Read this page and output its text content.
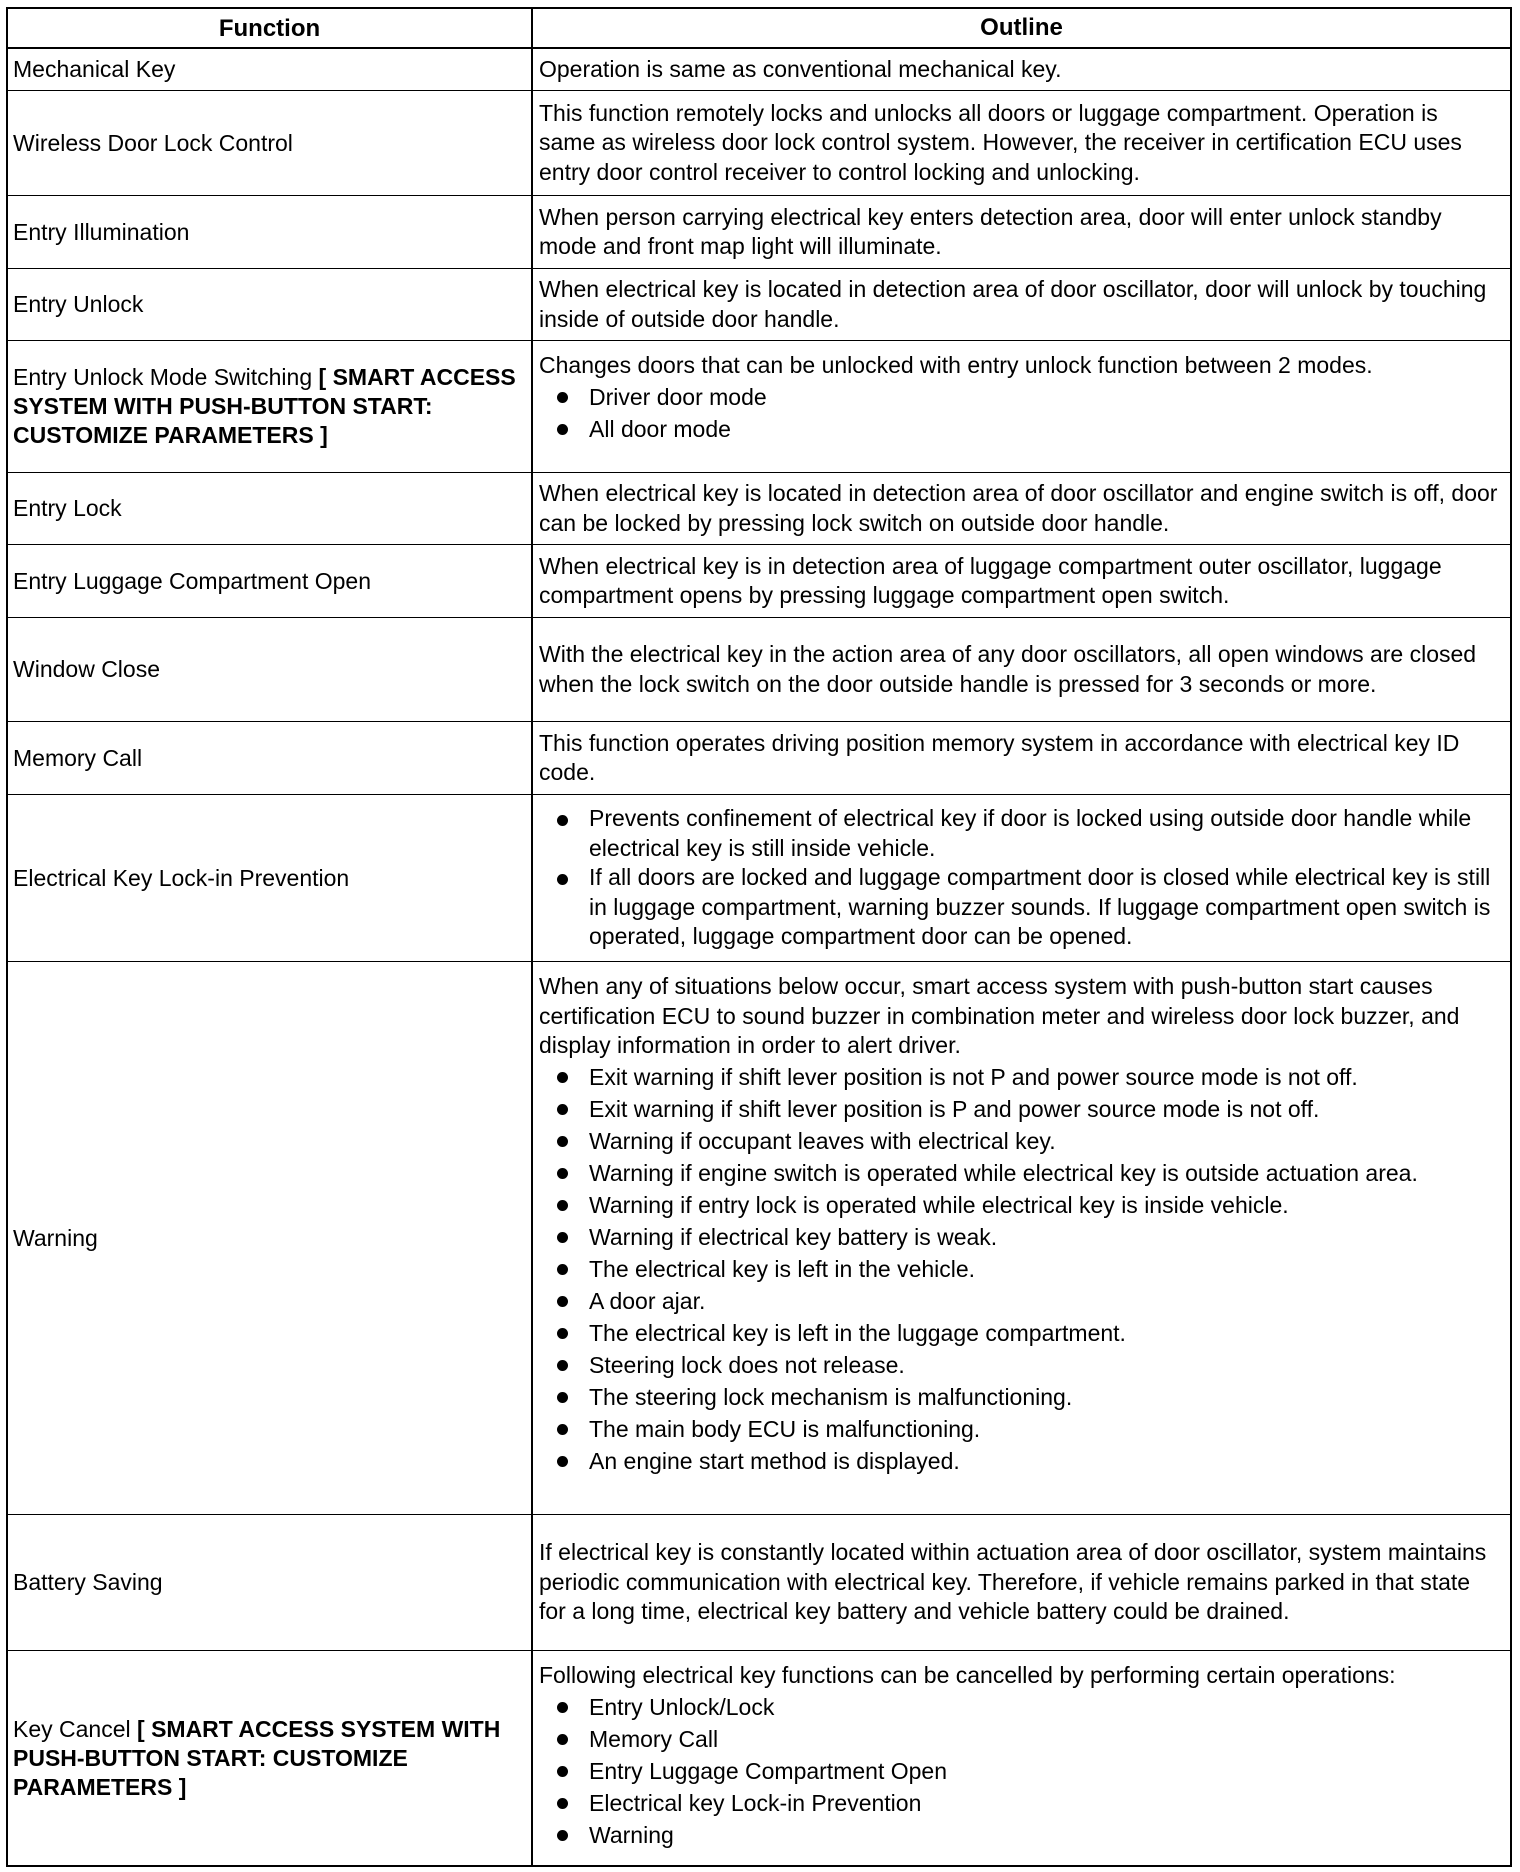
Function	Outline
Mechanical Key	Operation is same as conventional mechanical key.

Wireless Door Lock Control

This function remotely locks and unlocks all doors or luggage compartment. Operation is same as wireless door lock control system. However, the receiver in certification ECU uses entry door control receiver to control locking and unlocking.

Entry Illumination

When person carrying electrical key enters detection area, door will enter unlock standby mode and front map light will illuminate.

Entry Unlock

When electrical key is located in detection area of door oscillator, door will unlock by touching inside of outside door handle.

Entry Unlock Mode Switching [ SMART ACCESS SYSTEM WITH PUSH-BUTTON START: CUSTOMIZE PARAMETERS ]

Changes doors that can be unlocked with entry unlock function between 2 modes.

Driver door mode
All door mode
Entry Lock

When electrical key is located in detection area of door oscillator and engine switch is off, door can be locked by pressing lock switch on outside door handle.

Entry Luggage Compartment Open

When electrical key is in detection area of luggage compartment outer oscillator, luggage compartment opens by pressing luggage compartment open switch.

Window Close

With the electrical key in the action area of any door oscillators, all open windows are closed when the lock switch on the door outside handle is pressed for 3 seconds or more.

Memory Call

This function operates driving position memory system in accordance with electrical key ID code.

Electrical Key Lock-in Prevention
Prevents confinement of electrical key if door is locked using outside door handle while electrical key is still inside vehicle.
If all doors are locked and luggage compartment door is closed while electrical key is still in luggage compartment, warning buzzer sounds. If luggage compartment open switch is operated, luggage compartment door can be opened.
Warning

When any of situations below occur, smart access system with push-button start causes certification ECU to sound buzzer in combination meter and wireless door lock buzzer, and display information in order to alert driver.

Exit warning if shift lever position is not P and power source mode is not off.
Exit warning if shift lever position is P and power source mode is not off.
Warning if occupant leaves with electrical key.
Warning if engine switch is operated while electrical key is outside actuation area.
Warning if entry lock is operated while electrical key is inside vehicle.
Warning if electrical key battery is weak.
The electrical key is left in the vehicle.
A door ajar.
The electrical key is left in the luggage compartment.
Steering lock does not release.
The steering lock mechanism is malfunctioning.
The main body ECU is malfunctioning.
An engine start method is displayed.
Battery Saving

If electrical key is constantly located within actuation area of door oscillator, system maintains periodic communication with electrical key. Therefore, if vehicle remains parked in that state for a long time, electrical key battery and vehicle battery could be drained.

Key Cancel [ SMART ACCESS SYSTEM WITH PUSH-BUTTON START: CUSTOMIZE PARAMETERS ]

Following electrical key functions can be cancelled by performing certain operations:

Entry Unlock/Lock
Memory Call
Entry Luggage Compartment Open
Electrical key Lock-in Prevention
Warning
